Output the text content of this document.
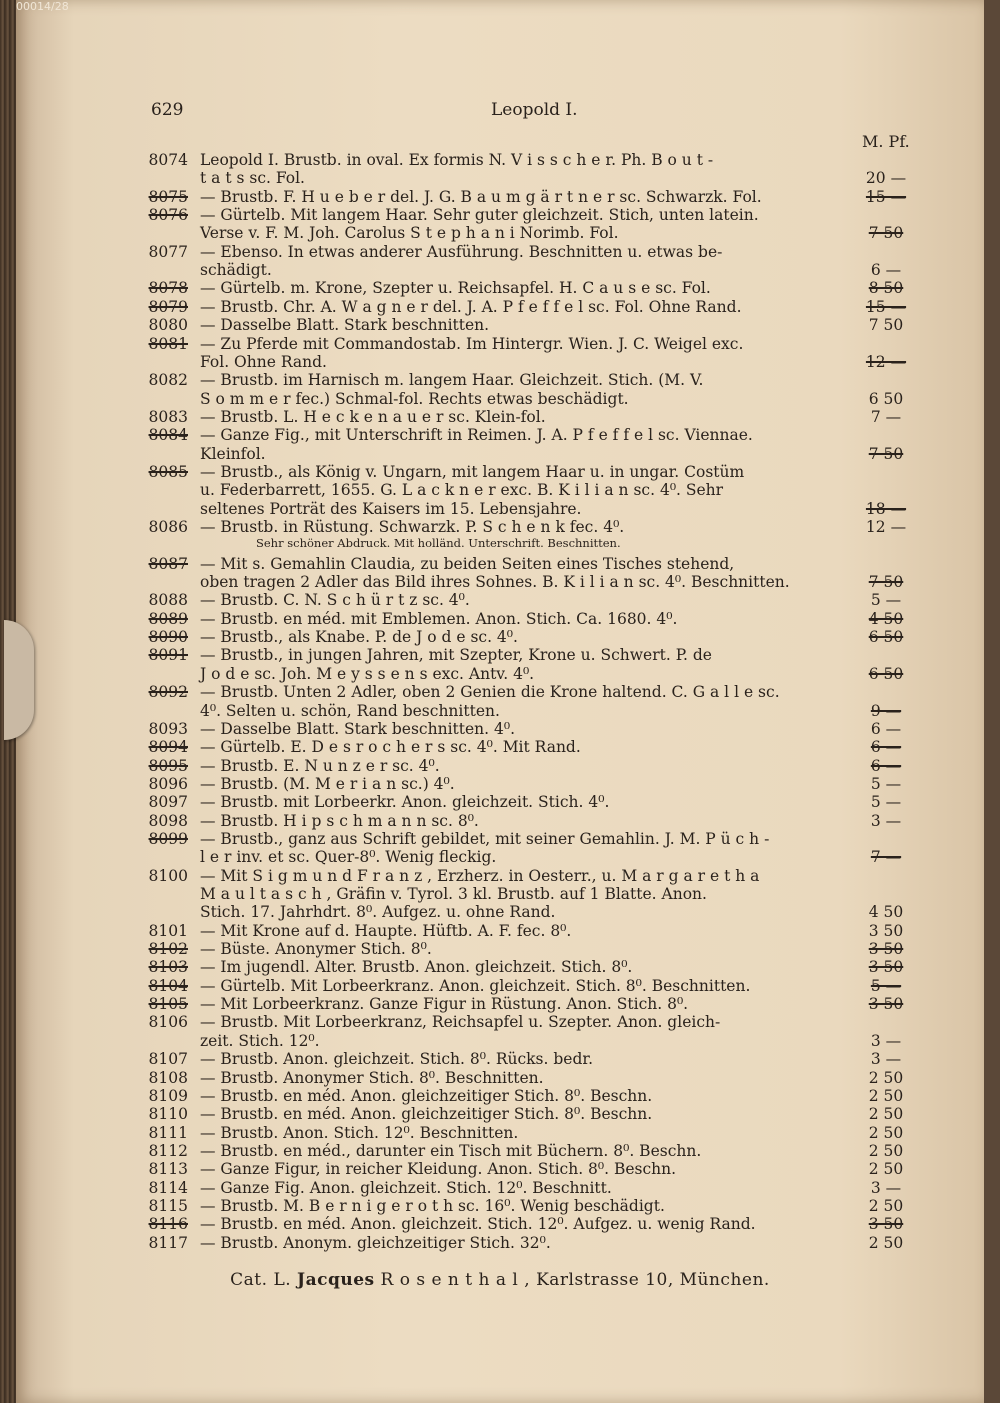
00014/28
629	Leopold I.
M. Pf.
8074 Leopold I. Brustb. in oval. Ex formis N. V i s s c h e r. Ph. B o u t -
t a t s sc. Fol.	20 —
8075 — Brustb. F. H u e b e r del. J. G. B a u m g ä r t n e r sc. Schwarzk. Fol.	15 —
8076 — Gürtelb. Mit langem Haar. Sehr guter gleichzeit. Stich, unten latein.
Verse v. F. M. Joh. Carolus S t e p h a n i Norimb. Fol.	7 50
8077 — Ebenso. In etwas anderer Ausführung. Beschnitten u. etwas be-
schädigt.	6 —
8078 — Gürtelb. m. Krone, Szepter u. Reichsapfel. H. C a u s e sc. Fol.	8 50
8079 — Brustb. Chr. A. W a g n e r del. J. A. P f e f f e l sc. Fol. Ohne Rand.	15 —
8080 — Dasselbe Blatt. Stark beschnitten.	7 50
8081 — Zu Pferde mit Commandostab. Im Hintergr. Wien. J. C. Weigel exc.
Fol. Ohne Rand.	12 —
8082 — Brustb. im Harnisch m. langem Haar. Gleichzeit. Stich. (M. V.
S o m m e r fec.) Schmal-fol. Rechts etwas beschädigt.	6 50
8083 — Brustb. L. H e c k e n a u e r sc. Klein-fol.	7 —
8084 — Ganze Fig., mit Unterschrift in Reimen. J. A. P f e f f e l sc. Viennae.
Kleinfol.	7 50
8085 — Brustb., als König v. Ungarn, mit langem Haar u. in ungar. Costüm
u. Federbarrett, 1655. G. L a c k n e r exc. B. K i l i a n sc. 4⁰. Sehr
seltenes Porträt des Kaisers im 15. Lebensjahre.	18 —
8086 — Brustb. in Rüstung. Schwarzk. P. S c h e n k fec. 4⁰.	12 —
Sehr schöner Abdruck. Mit holländ. Unterschrift. Beschnitten.
8087 — Mit s. Gemahlin Claudia, zu beiden Seiten eines Tisches stehend,
oben tragen 2 Adler das Bild ihres Sohnes. B. K i l i a n sc. 4⁰. Beschnitten.	7 50
8088 — Brustb. C. N. S c h ü r t z sc. 4⁰.	5 —
8089 — Brustb. en méd. mit Emblemen. Anon. Stich. Ca. 1680. 4⁰.	4 50
8090 — Brustb., als Knabe. P. de J o d e sc. 4⁰.	6 50
8091 — Brustb., in jungen Jahren, mit Szepter, Krone u. Schwert. P. de
J o d e sc. Joh. M e y s s e n s exc. Antv. 4⁰.	6 50
8092 — Brustb. Unten 2 Adler, oben 2 Genien die Krone haltend. C. G a l l e sc.
4⁰. Selten u. schön, Rand beschnitten.	9 —
8093 — Dasselbe Blatt. Stark beschnitten. 4⁰.	6 —
8094 — Gürtelb. E. D e s r o c h e r s sc. 4⁰. Mit Rand.	6 —
8095 — Brustb. E. N u n z e r sc. 4⁰.	6 —
8096 — Brustb. (M. M e r i a n sc.) 4⁰.	5 —
8097 — Brustb. mit Lorbeerkr. Anon. gleichzeit. Stich. 4⁰.	5 —
8098 — Brustb. H i p s c h m a n n sc. 8⁰.	3 —
8099 — Brustb., ganz aus Schrift gebildet, mit seiner Gemahlin. J. M. P ü c h -
l e r inv. et sc. Quer-8⁰. Wenig fleckig.	7 —
8100 — Mit S i g m u n d F r a n z , Erzherz. in Oesterr., u. M a r g a r e t h a
M a u l t a s c h , Gräfin v. Tyrol. 3 kl. Brustb. auf 1 Blatte. Anon.
Stich. 17. Jahrhdrt. 8⁰. Aufgez. u. ohne Rand.	4 50
8101 — Mit Krone auf d. Haupte. Hüftb. A. F. fec. 8⁰.	3 50
8102 — Büste. Anonymer Stich. 8⁰.	3 50
8103 — Im jugendl. Alter. Brustb. Anon. gleichzeit. Stich. 8⁰.	3 50
8104 — Gürtelb. Mit Lorbeerkranz. Anon. gleichzeit. Stich. 8⁰. Beschnitten.	5 —
8105 — Mit Lorbeerkranz. Ganze Figur in Rüstung. Anon. Stich. 8⁰.	3 50
8106 — Brustb. Mit Lorbeerkranz, Reichsapfel u. Szepter. Anon. gleich-
zeit. Stich. 12⁰.	3 —
8107 — Brustb. Anon. gleichzeit. Stich. 8⁰. Rücks. bedr.	3 —
8108 — Brustb. Anonymer Stich. 8⁰. Beschnitten.	2 50
8109 — Brustb. en méd. Anon. gleichzeitiger Stich. 8⁰. Beschn.	2 50
8110 — Brustb. en méd. Anon. gleichzeitiger Stich. 8⁰. Beschn.	2 50
8111 — Brustb. Anon. Stich. 12⁰. Beschnitten.	2 50
8112 — Brustb. en méd., darunter ein Tisch mit Büchern. 8⁰. Beschn.	2 50
8113 — Ganze Figur, in reicher Kleidung. Anon. Stich. 8⁰. Beschn.	2 50
8114 — Ganze Fig. Anon. gleichzeit. Stich. 12⁰. Beschnitt.	3 —
8115 — Brustb. M. B e r n i g e r o t h sc. 16⁰. Wenig beschädigt.	2 50
8116 — Brustb. en méd. Anon. gleichzeit. Stich. 12⁰. Aufgez. u. wenig Rand.	3 50
8117 — Brustb. Anonym. gleichzeitiger Stich. 32⁰.	2 50
Cat. L. Jacques R o s e n t h a l , Karlstrasse 10, München.
